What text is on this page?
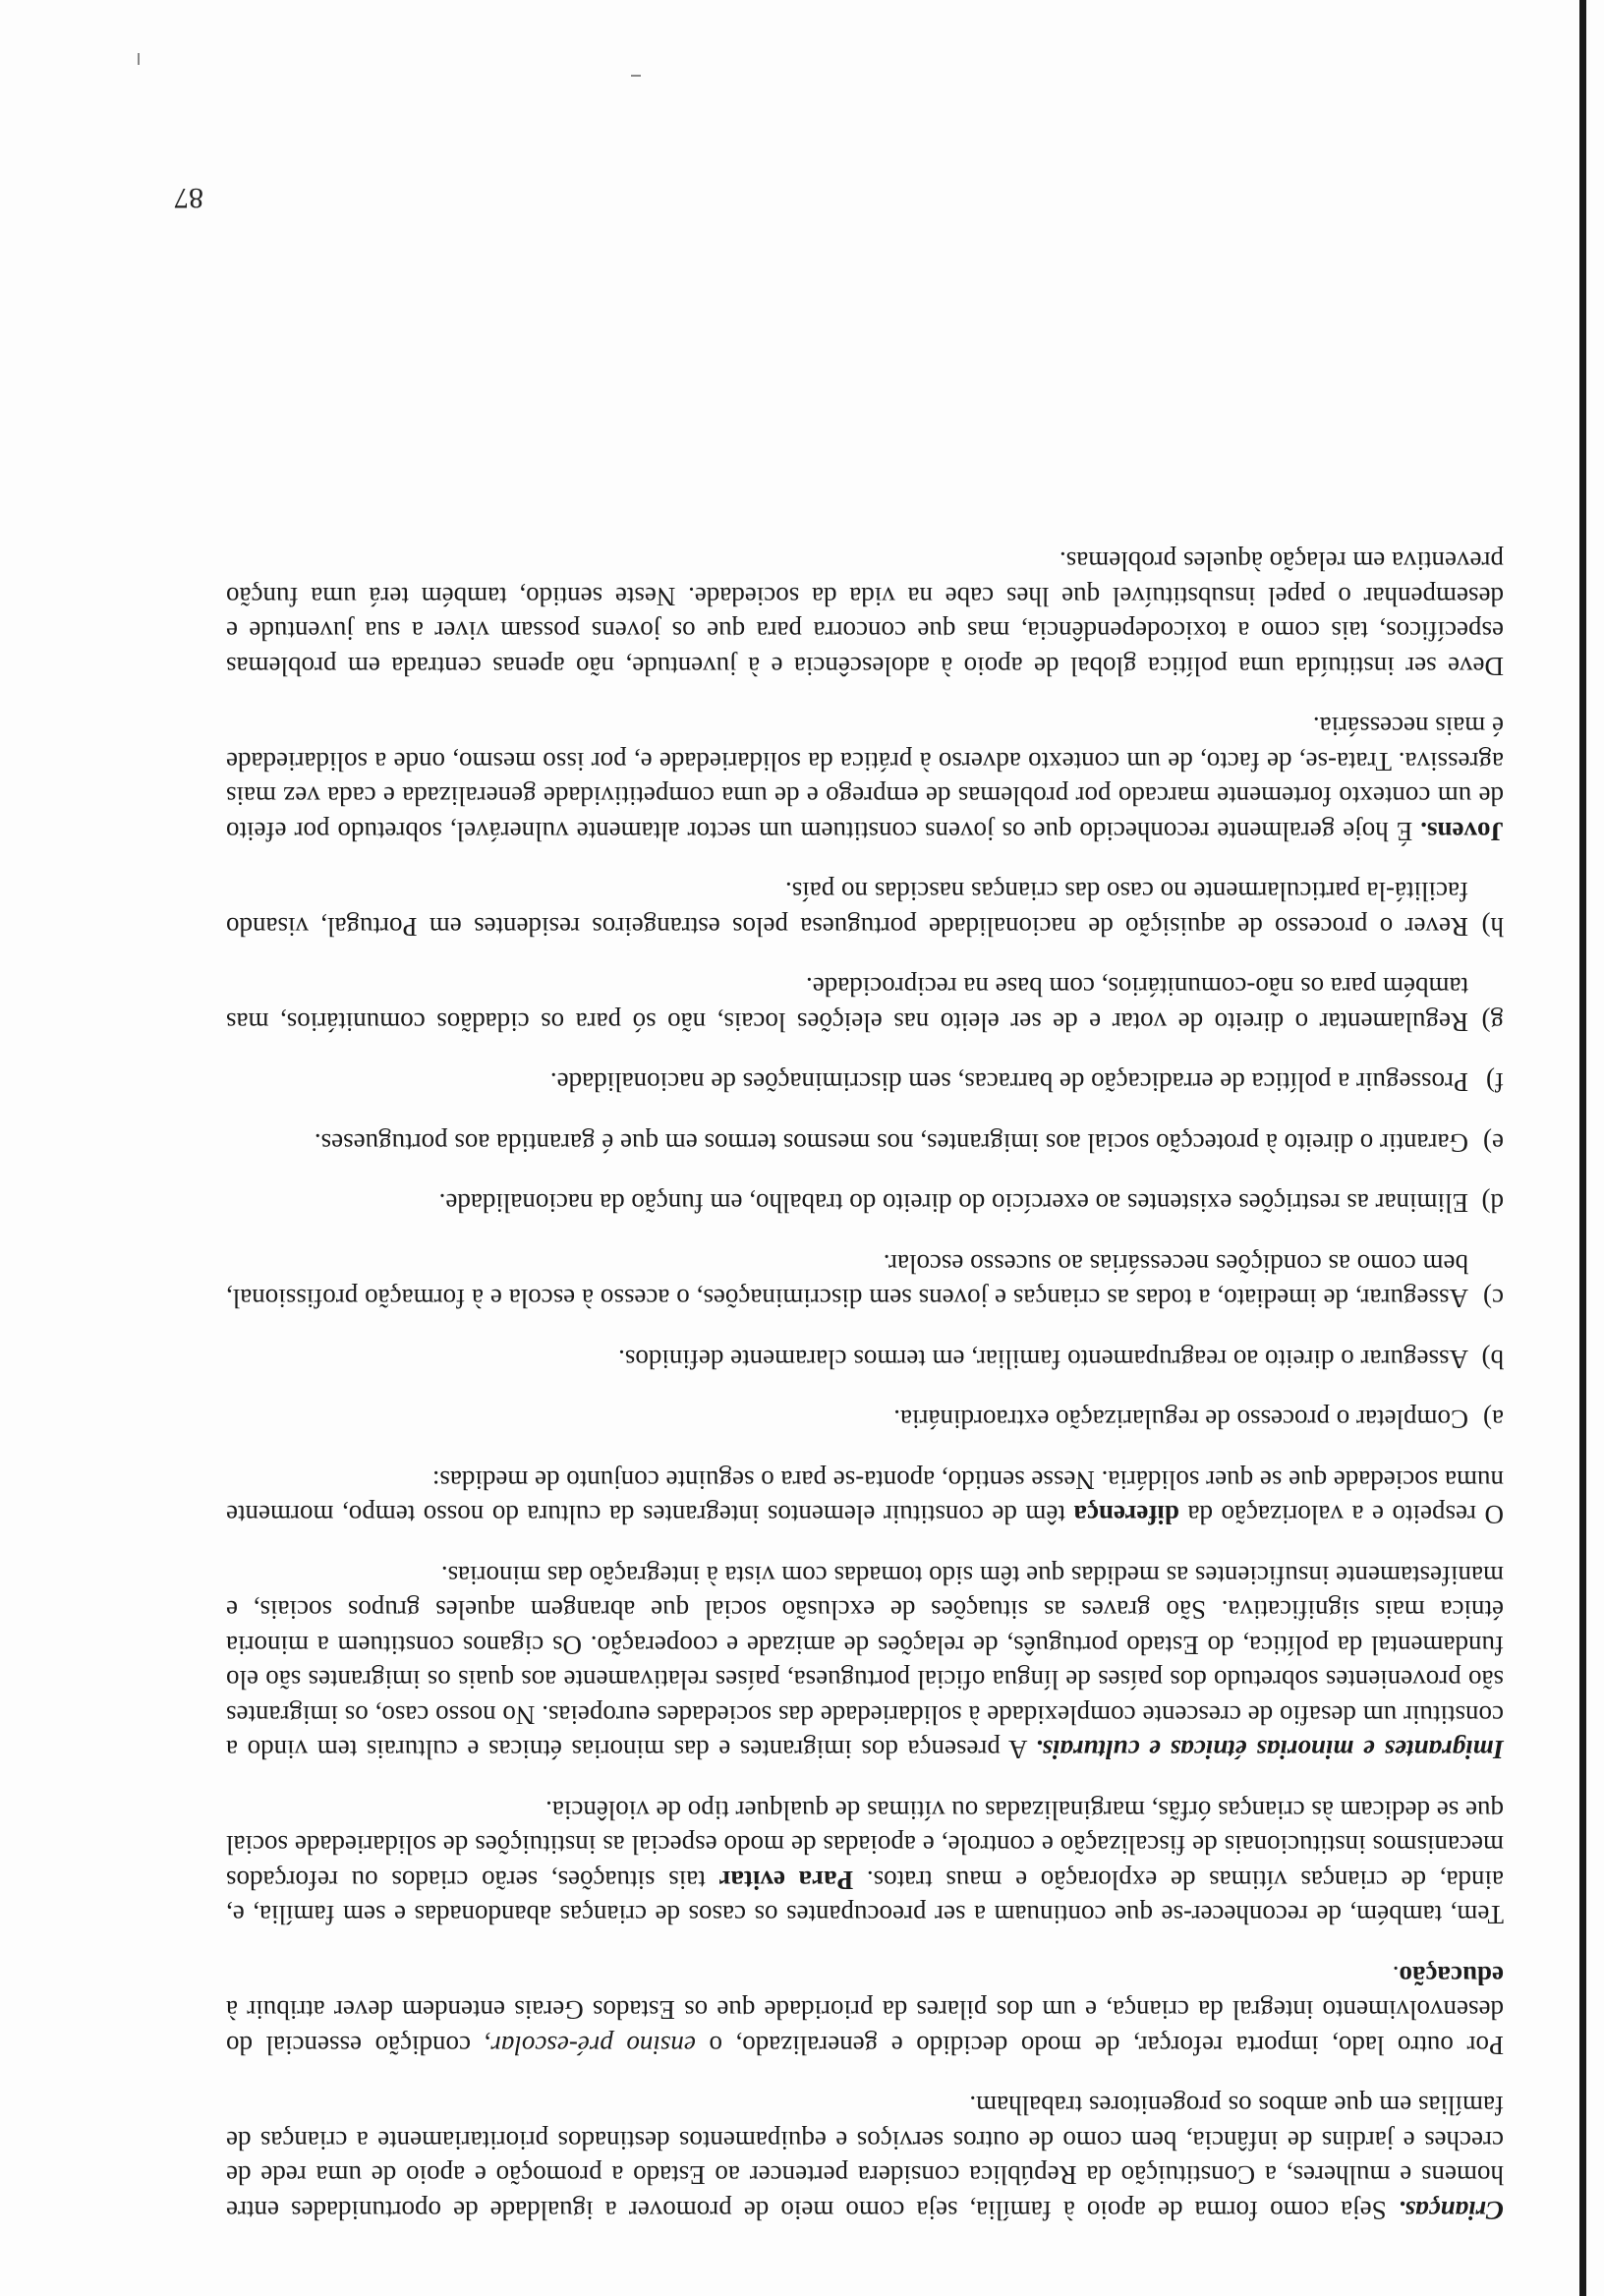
Crianças. Seja como forma de apoio à família, seja como meio de promover a igualdade de oportunidades entre homens e mulheres, a Constituição da República considera pertencer ao Estado a promoção e apoio de uma rede de creches e jardins de infância, bem como de outros serviços e equipamentos destinados prioritariamente a crianças de famílias em que ambos os progenitores trabalham.

Por outro lado, importa reforçar, de modo decidido e generalizado, o ensino pré-escolar, condição essencial do desenvolvimento integral da criança, e um dos pilares da prioridade que os Estados Gerais entendem dever atribuir à educação.

Tem, também, de reconhecer-se que continuam a ser preocupantes os casos de crianças abandonadas e sem família, e, ainda, de crianças vítimas de exploração e maus tratos. Para evitar tais situações, serão criados ou reforçados mecanismos institucionais de fiscalização e controle, e apoiadas de modo especial as instituições de solidariedade social que se dedicam às crianças órfãs, marginalizadas ou vítimas de qualquer tipo de violência.

Imigrantes e minorias étnicas e culturais. A presença dos imigrantes e das minorias étnicas e culturais tem vindo a constituir um desafio de crescente complexidade à solidariedade das sociedades europeias. No nosso caso, os imigrantes são provenientes sobretudo dos países de língua oficial portuguesa, países relativamente aos quais os imigrantes são elo fundamental da política, do Estado português, de relações de amizade e cooperação. Os ciganos constituem a minoria étnica mais significativa. São graves as situações de exclusão social que abrangem aqueles grupos sociais, e manifestamente insuficientes as medidas que têm sido tomadas com vista à integração das minorias.

O respeito e a valorização da diferença têm de constituir elementos integrantes da cultura do nosso tempo, mormente numa sociedade que se quer solidária. Nesse sentido, aponta-se para o seguinte conjunto de medidas:

a)
Completar o processo de regularização extraordinária.
b)
Assegurar o direito ao reagrupamento familiar, em termos claramente definidos.
c)
Assegurar, de imediato, a todas as crianças e jovens sem discriminações, o acesso à escola e à formação profissional, bem como as condições necessárias ao sucesso escolar.
d)
Eliminar as restrições existentes ao exercício do direito do trabalho, em função da nacionalidade.
e)
Garantir o direito à protecção social aos imigrantes, nos mesmos termos em que é garantida aos portugueses.
f)
Prosseguir a política de erradicação de barracas, sem discriminações de nacionalidade.
g)
Regulamentar o direito de votar e de ser eleito nas eleições locais, não só para os cidadãos comunitários, mas também para os não-comunitários, com base na reciprocidade.
h)
Rever o processo de aquisição de nacionalidade portuguesa pelos estrangeiros residentes em Portugal, visando facilitá-la particularmente no caso das crianças nascidas no país.

Jovens. É hoje geralmente reconhecido que os jovens constituem um sector altamente vulnerável, sobretudo por efeito de um contexto fortemente marcado por problemas de emprego e de uma competitividade generalizada e cada vez mais agressiva. Trata-se, de facto, de um contexto adverso à prática da solidariedade e, por isso mesmo, onde a solidariedade é mais necessária.

Deve ser instituída uma política global de apoio à adolescência e à juventude, não apenas centrada em problemas específicos, tais como a toxicodependência, mas que concorra para que os jovens possam viver a sua juventude e desempenhar o papel insubstituível que lhes cabe na vida da sociedade. Neste sentido, também terá uma função preventiva em relação àqueles problemas.

87
